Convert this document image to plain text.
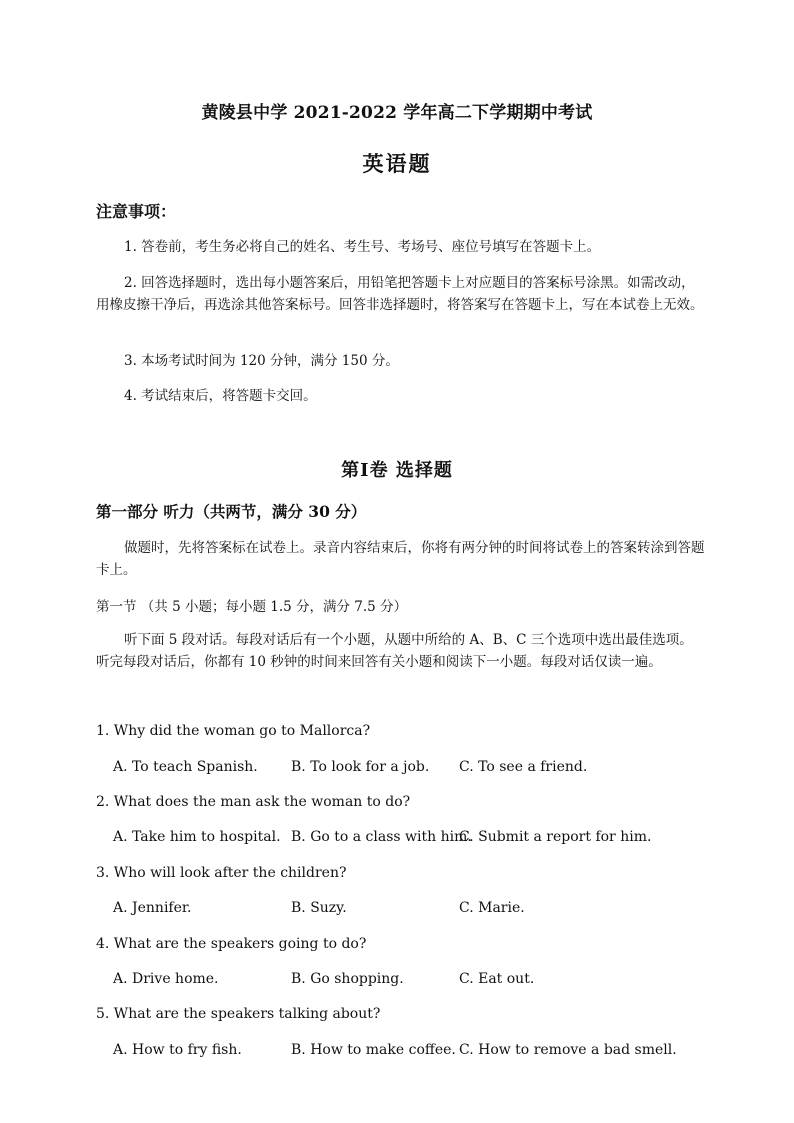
黄陵县中学 2021-2022 学年高二下学期期中考试
英语题
注意事项：
1. 答卷前，考生务必将自己的姓名、考生号、考场号、座位号填写在答题卡上。
2. 回答选择题时，选出每小题答案后，用铅笔把答题卡上对应题目的答案标号涂黑。如需改动，用橡皮擦干净后，再选涂其他答案标号。回答非选择题时，将答案写在答题卡上，写在本试卷上无效。
3. 本场考试时间为 120 分钟，满分 150 分。
4. 考试结束后，将答题卡交回。
第Ⅰ卷 选择题
第一部分 听力（共两节，满分 30 分）
做题时，先将答案标在试卷上。录音内容结束后，你将有两分钟的时间将试卷上的答案转涂到答题卡上。
第一节 （共 5 小题；每小题 1.5 分，满分 7.5 分）
听下面 5 段对话。每段对话后有一个小题，从题中所给的 A、B、C 三个选项中选出最佳选项。听完每段对话后，你都有 10 秒钟的时间来回答有关小题和阅读下一小题。每段对话仅读一遍。
1. Why did the woman go to Mallorca?
A. To teach Spanish. B. To look for a job. C. To see a friend.
2. What does the man ask the woman to do?
A. Take him to hospital. B. Go to a class with him.
C. Submit a report for him.
3. Who will look after the children?
A. Jennifer.	B. Suzy.	C. Marie.
4. What are the speakers going to do?
A. Drive home.	B. Go shopping.	C. Eat out.
5. What are the speakers talking about?
A. How to fry fish.	B. How to make coffee. C. How to remove a bad smell.
